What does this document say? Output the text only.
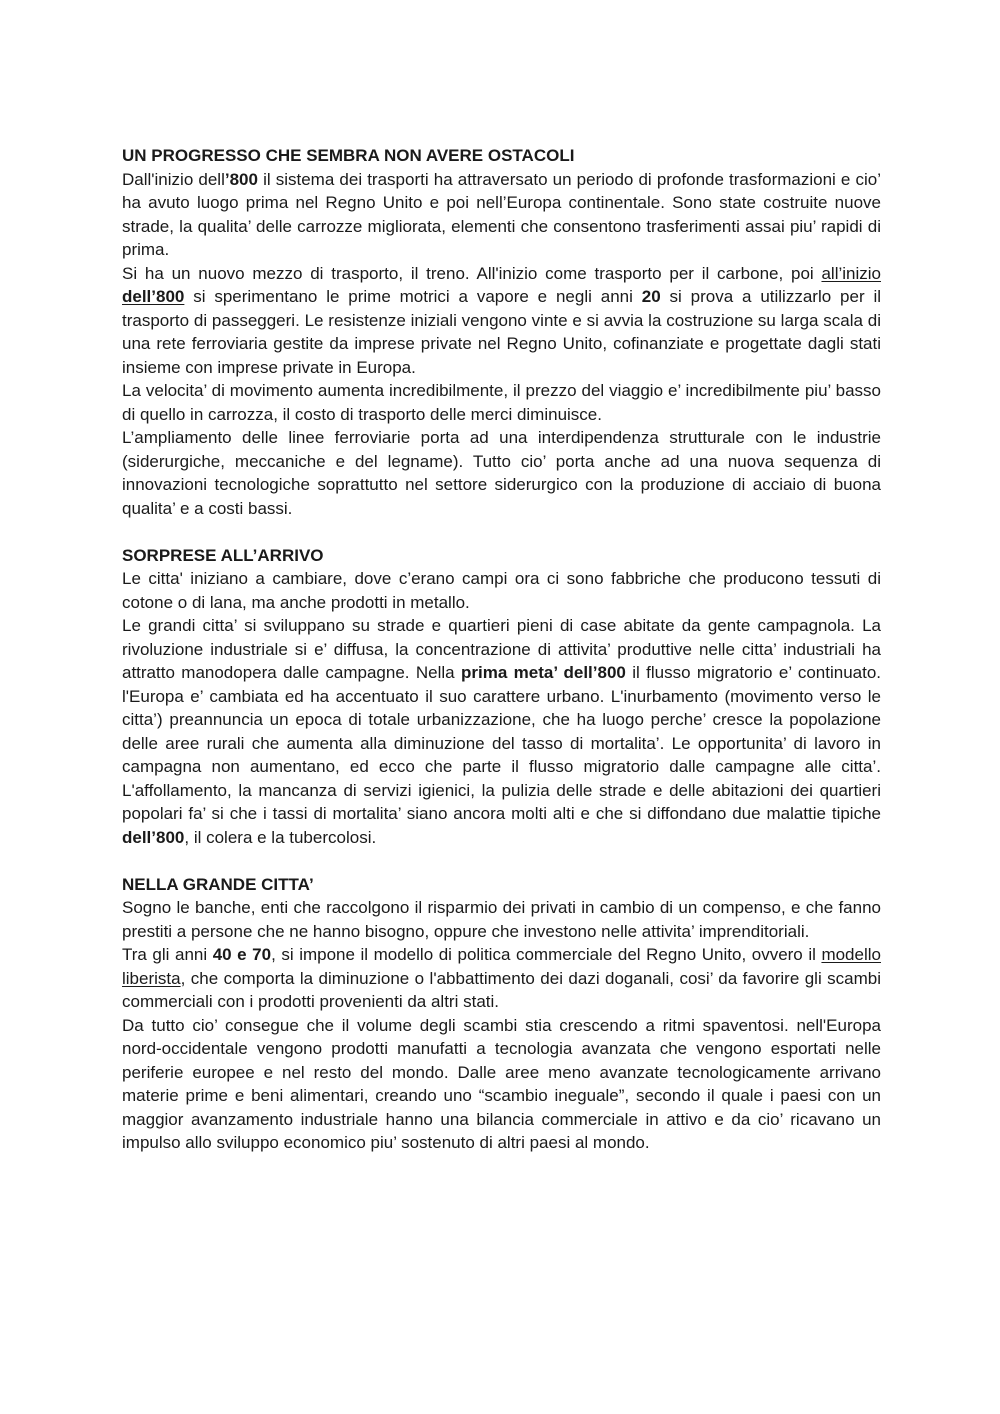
UN PROGRESSO CHE SEMBRA NON AVERE OSTACOLI

Dall'inizio dell’800 il sistema dei trasporti ha attraversato un periodo di profonde trasformazioni e cio’ ha avuto luogo prima nel Regno Unito e poi nell’Europa continentale. Sono state costruite nuove strade, la qualita’ delle carrozze migliorata, elementi che consentono trasferimenti assai piu’ rapidi di prima.

Si ha un nuovo mezzo di trasporto, il treno. All'inizio come trasporto per il carbone, poi all’inizio dell’800 si sperimentano le prime motrici a vapore e negli anni 20 si prova a utilizzarlo per il trasporto di passeggeri. Le resistenze iniziali vengono vinte e si avvia la costruzione su larga scala di una rete ferroviaria gestite da imprese private nel Regno Unito, cofinanziate e progettate dagli stati insieme con imprese private in Europa.

La velocita’ di movimento aumenta incredibilmente, il prezzo del viaggio e’ incredibilmente piu’ basso di quello in carrozza, il costo di trasporto delle merci diminuisce.

L’ampliamento delle linee ferroviarie porta ad una interdipendenza strutturale con le industrie (siderurgiche, meccaniche e del legname). Tutto cio’ porta anche ad una nuova sequenza di innovazioni tecnologiche soprattutto nel settore siderurgico con la produzione di acciaio di buona qualita’ e a costi bassi.

SORPRESE ALL’ARRIVO

Le citta' iniziano a cambiare, dove c’erano campi ora ci sono fabbriche che producono tessuti di cotone o di lana, ma anche prodotti in metallo.

Le grandi citta’ si sviluppano su strade e quartieri pieni di case abitate da gente campagnola. La rivoluzione industriale si e’ diffusa, la concentrazione di attivita’ produttive nelle citta’ industriali ha attratto manodopera dalle campagne. Nella prima meta’ dell’800 il flusso migratorio e’ continuato. l'Europa e’ cambiata ed ha accentuato il suo carattere urbano. L'inurbamento (movimento verso le citta’) preannuncia un epoca di totale urbanizzazione, che ha luogo perche’ cresce la popolazione delle aree rurali che aumenta alla diminuzione del tasso di mortalita’. Le opportunita’ di lavoro in campagna non aumentano, ed ecco che parte il flusso migratorio dalle campagne alle citta’. L'affollamento, la mancanza di servizi igienici, la pulizia delle strade e delle abitazioni dei quartieri popolari fa’ si che i tassi di mortalita’ siano ancora molti alti e che si diffondano due malattie tipiche dell’800, il colera e la tubercolosi.

NELLA GRANDE CITTA’

Sogno le banche, enti che raccolgono il risparmio dei privati in cambio di un compenso, e che fanno prestiti a persone che ne hanno bisogno, oppure che investono nelle attivita’ imprenditoriali.

Tra gli anni 40 e 70, si impone il modello di politica commerciale del Regno Unito, ovvero il modello liberista, che comporta la diminuzione o l'abbattimento dei dazi doganali, cosi’ da favorire gli scambi commerciali con i prodotti provenienti da altri stati.

Da tutto cio’ consegue che il volume degli scambi stia crescendo a ritmi spaventosi. nell'Europa nord-occidentale vengono prodotti manufatti a tecnologia avanzata che vengono esportati nelle periferie europee e nel resto del mondo. Dalle aree meno avanzate tecnologicamente arrivano materie prime e beni alimentari, creando uno “scambio ineguale”, secondo il quale i paesi con un maggior avanzamento industriale hanno una bilancia commerciale in attivo e da cio’ ricavano un impulso allo sviluppo economico piu’ sostenuto di altri paesi al mondo.
